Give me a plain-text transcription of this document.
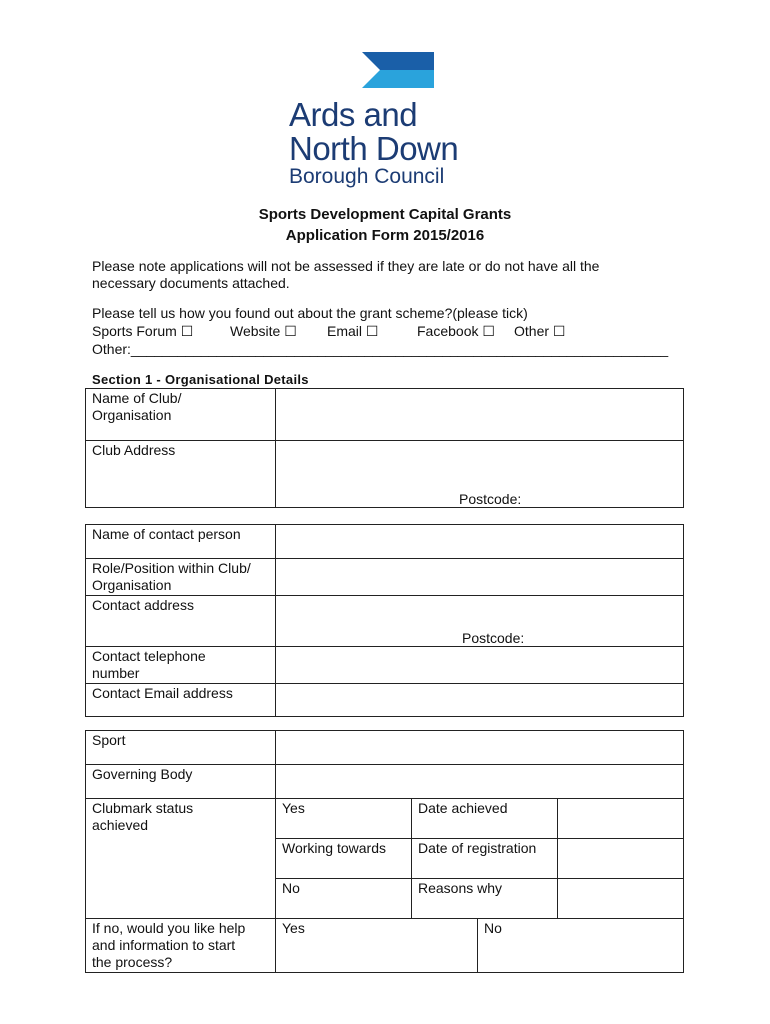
Ards and
North Down
Borough Council
Sports Development Capital Grants
Application Form 2015/2016
Please note applications will not be assessed if they are late or do not have all the
necessary documents attached.
Please tell us how you found out about the grant scheme?(please tick)
Sports Forum ☐	Website ☐ Email ☐	Facebook ☐ Other ☐
Other:_____________________________________________________________________
Section 1 - Organisational Details
Name of Club/
Organisation	

Club Address	Postcode:
Name of contact person	

Role/Position within Club/
Organisation	

Contact address	Postcode:

Contact telephone
number	

Contact Email address	
Sport				
Governing Body				

Clubmark status
achieved	Yes	Date achieved		
	Working towards	Date of registration		
	No	Reasons why		

If no, would you like help
and information to start
the process?	Yes		No	
